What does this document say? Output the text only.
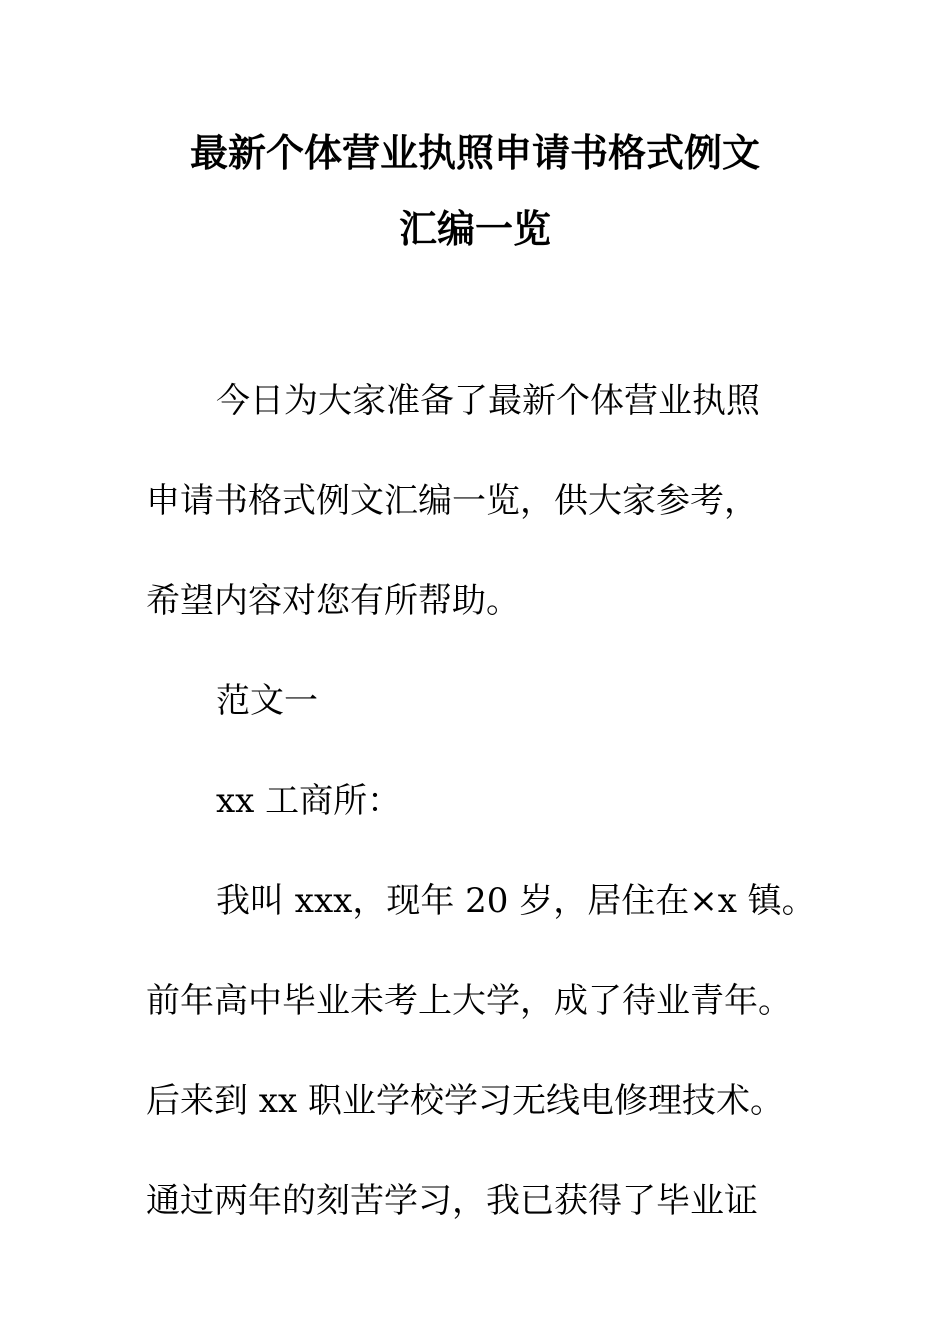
最新个体营业执照申请书格式例文
汇编一览
今日为大家准备了最新个体营业执照
申请书格式例文汇编一览，供大家参考，
希望内容对您有所帮助。
范文一
xx 工商所：
我叫 xxx，现年 20 岁，居住在×x 镇。
前年高中毕业未考上大学，成了待业青年。
后来到 xx 职业学校学习无线电修理技术。
通过两年的刻苦学习，我已获得了毕业证
